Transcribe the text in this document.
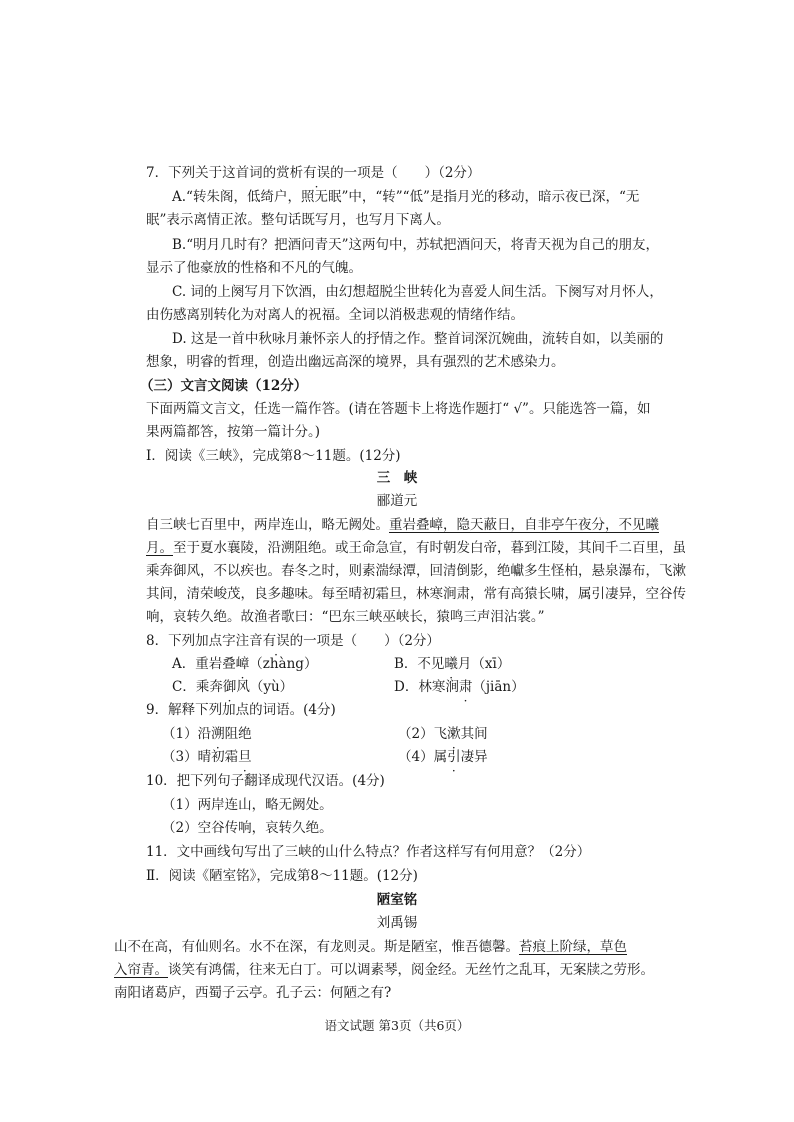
7．下列关于这首词的赏析有误的一项是（　　）（2分）
A.“转朱阁，低绮户，照无眠”中，“转”“低”是指月光的移动，暗示夜已深，“无
眠”表示离情正浓。整句话既写月，也写月下离人。
B.“明月几时有？把酒问青天”这两句中，苏轼把酒问天，将青天视为自己的朋友，
显示了他豪放的性格和不凡的气魄。
C. 词的上阕写月下饮酒，由幻想超脱尘世转化为喜爱人间生活。下阕写对月怀人，
由伤感离别转化为对离人的祝福。全词以消极悲观的情绪作结。
D. 这是一首中秋咏月兼怀亲人的抒情之作。整首词深沉婉曲，流转自如，以美丽的
想象，明睿的哲理，创造出幽远高深的境界，具有强烈的艺术感染力。
（三）文言文阅读（12分）
下面两篇文言文，任选一篇作答。(请在答题卡上将选作题打“ √”。只能选答一篇，如
果两篇都答，按第一篇计分。)
Ⅰ．阅读《三峡》，完成第8～11题。(12分)
三　峡
郦道元
自三峡七百里中，两岸连山，略无阙处。重岩叠嶂，隐天蔽日，自非亭午夜分，不见曦
月。至于夏水襄陵，沿溯阻绝。或王命急宣，有时朝发白帝，暮到江陵，其间千二百里，虽
乘奔御风，不以疾也。春冬之时，则素湍绿潭，回清倒影，绝巘多生怪柏，悬泉瀑布，飞漱
其间，清荣峻茂，良多趣味。每至晴初霜旦，林寒涧肃，常有高猿长啸，属引凄异，空谷传
响，哀转久绝。故渔者歌曰：“巴东三峡巫峡长，猿鸣三声泪沾裳。”
8．下列加点字注音有误的一项是（　　）（2分）
A．重岩叠嶂（zhàng）	B．不见曦月（xī）
C．乘奔御风（yù）	D．林寒涧肃（jiān）
9．解释下列加点的词语。(4分)
（1）沿溯阻绝	（2）飞漱其间
（3）晴初霜旦	（4）属引凄异
10．把下列句子翻译成现代汉语。(4分)
（1）两岸连山，略无阙处。
（2）空谷传响，哀转久绝。
11．文中画线句写出了三峡的山什么特点？作者这样写有何用意？（2分）
Ⅱ．阅读《陋室铭》，完成第8～11题。(12分)
陋室铭
刘禹锡
山不在高，有仙则名。水不在深，有龙则灵。斯是陋室，惟吾德馨。苔痕上阶绿，草色
入帘青。谈笑有鸿儒，往来无白丁。可以调素琴，阅金经。无丝竹之乱耳，无案牍之劳形。
南阳诸葛庐，西蜀子云亭。孔子云：何陋之有?
语文试题 第3页（共6页）
